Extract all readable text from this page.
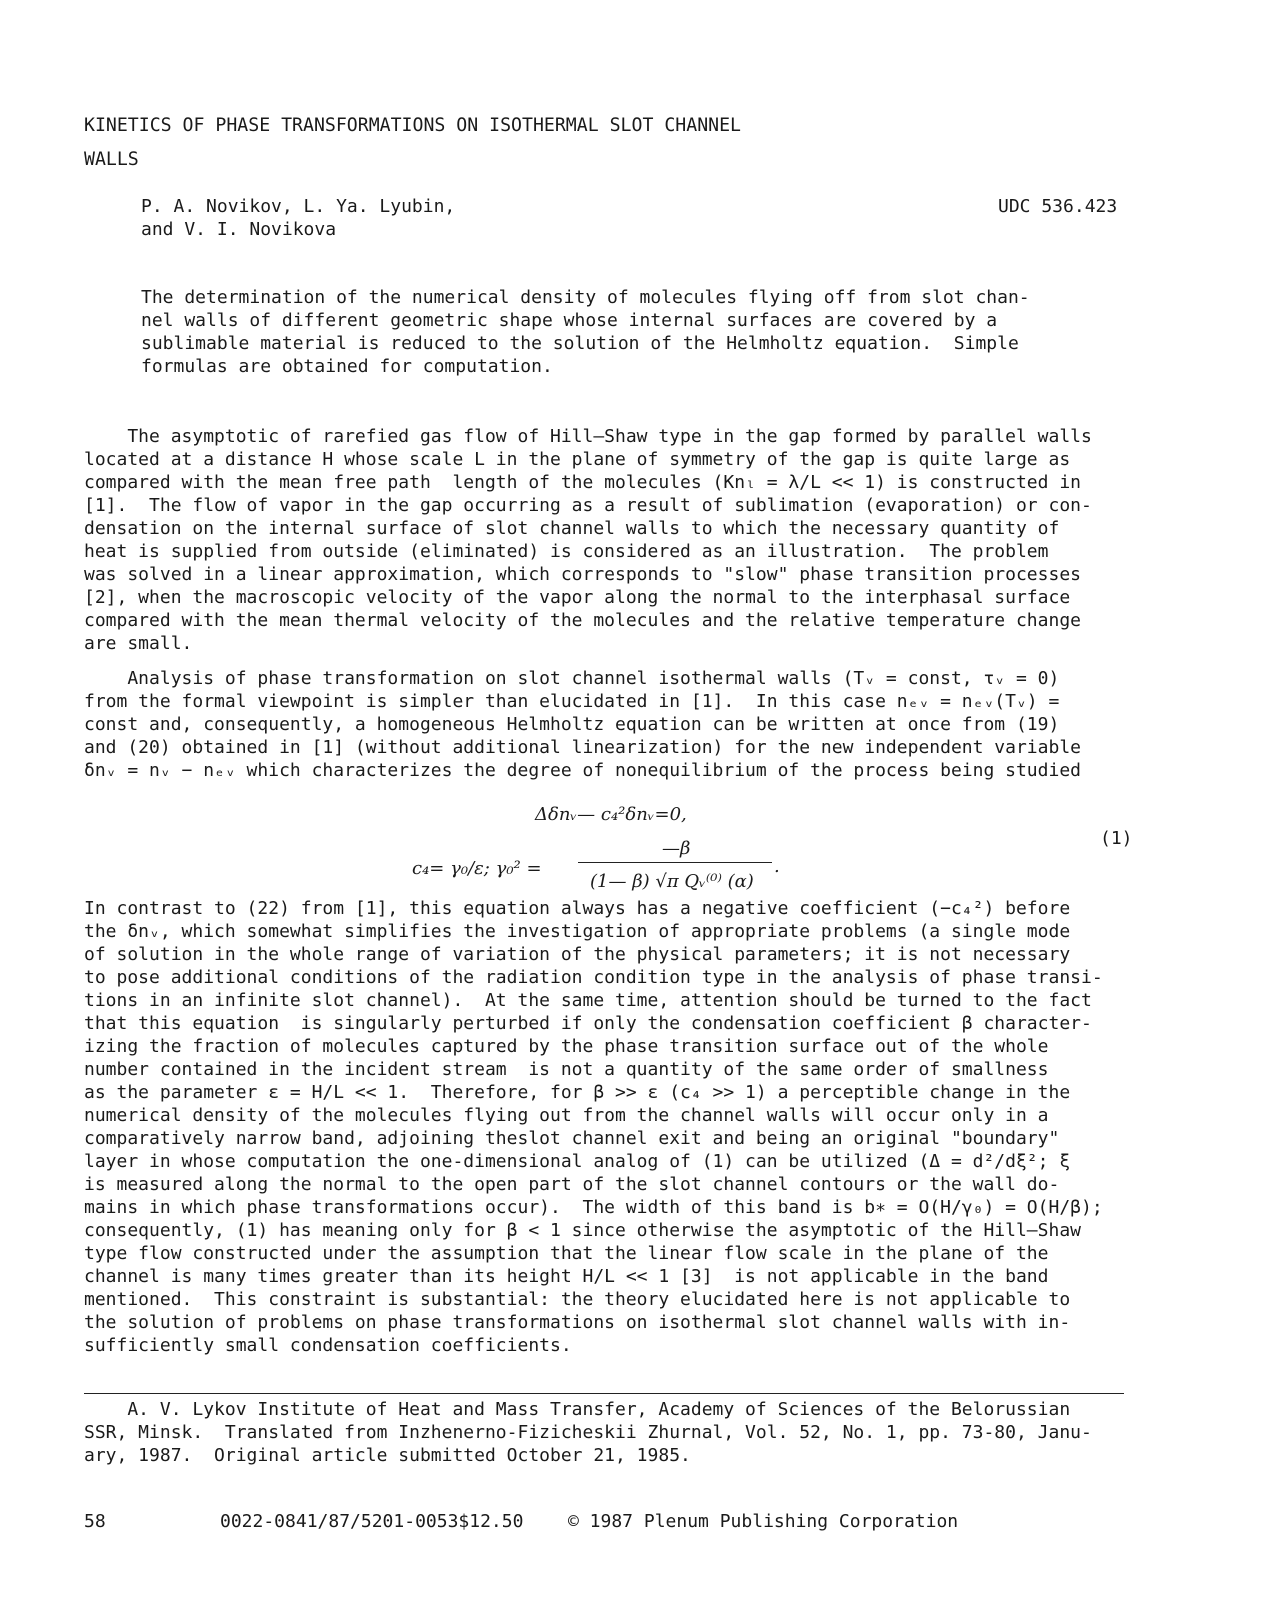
KINETICS OF PHASE TRANSFORMATIONS ON ISOTHERMAL SLOT CHANNEL
WALLS
P. A. Novikov, L. Ya. Lyubin,
and V. I. Novikova
UDC 536.423
The determination of the numerical density of molecules flying off from slot chan-
nel walls of different geometric shape whose internal surfaces are covered by a
sublimable material is reduced to the solution of the Helmholtz equation.  Simple
formulas are obtained for computation.
The asymptotic of rarefied gas flow of Hill—Shaw type in the gap formed by parallel walls
located at a distance H whose scale L in the plane of symmetry of the gap is quite large as
compared with the mean free path  length of the molecules (Knₗ = λ/L << 1) is constructed in
[1].  The flow of vapor in the gap occurring as a result of sublimation (evaporation) or con-
densation on the internal surface of slot channel walls to which the necessary quantity of
heat is supplied from outside (eliminated) is considered as an illustration.  The problem
was solved in a linear approximation, which corresponds to "slow" phase transition processes
[2], when the macroscopic velocity of the vapor along the normal to the interphasal surface
compared with the mean thermal velocity of the molecules and the relative temperature change
are small.
Analysis of phase transformation on slot channel isothermal walls (Tᵥ = const, τᵥ = 0)
from the formal viewpoint is simpler than elucidated in [1].  In this case nₑᵥ = nₑᵥ(Tᵥ) =
const and, consequently, a homogeneous Helmholtz equation can be written at once from (19)
and (20) obtained in [1] (without additional linearization) for the new independent variable
δnᵥ = nᵥ − nₑᵥ which characterizes the degree of nonequilibrium of the process being studied
Δδnᵥ— c₄²δnᵥ=0,
c₄= γ₀/ε; γ₀² =
—β
(1— β) √π Qᵥ⁽⁰⁾ (α)
.
(1)
In contrast to (22) from [1], this equation always has a negative coefficient (−c₄²) before
the δnᵥ, which somewhat simplifies the investigation of appropriate problems (a single mode
of solution in the whole range of variation of the physical parameters; it is not necessary
to pose additional conditions of the radiation condition type in the analysis of phase transi-
tions in an infinite slot channel).  At the same time, attention should be turned to the fact
that this equation  is singularly perturbed if only the condensation coefficient β character-
izing the fraction of molecules captured by the phase transition surface out of the whole
number contained in the incident stream  is not a quantity of the same order of smallness
as the parameter ε = H/L << 1.  Therefore, for β >> ε (c₄ >> 1) a perceptible change in the
numerical density of the molecules flying out from the channel walls will occur only in a
comparatively narrow band, adjoining theslot channel exit and being an original "boundary"
layer in whose computation the one-dimensional analog of (1) can be utilized (Δ = d²/dξ²; ξ
is measured along the normal to the open part of the slot channel contours or the wall do-
mains in which phase transformations occur).  The width of this band is b∗ = O(H/γ₀) = O(H/β);
consequently, (1) has meaning only for β < 1 since otherwise the asymptotic of the Hill—Shaw
type flow constructed under the assumption that the linear flow scale in the plane of the
channel is many times greater than its height H/L << 1 [3]  is not applicable in the band
mentioned.  This constraint is substantial: the theory elucidated here is not applicable to
the solution of problems on phase transformations on isothermal slot channel walls with in-
sufficiently small condensation coefficients.
A. V. Lykov Institute of Heat and Mass Transfer, Academy of Sciences of the Belorussian
SSR, Minsk.  Translated from Inzhenerno-Fizicheskii Zhurnal, Vol. 52, No. 1, pp. 73-80, Janu-
ary, 1987.  Original article submitted October 21, 1985.
58	0022-0841/87/5201-0053$12.50 © 1987 Plenum Publishing Corporation
